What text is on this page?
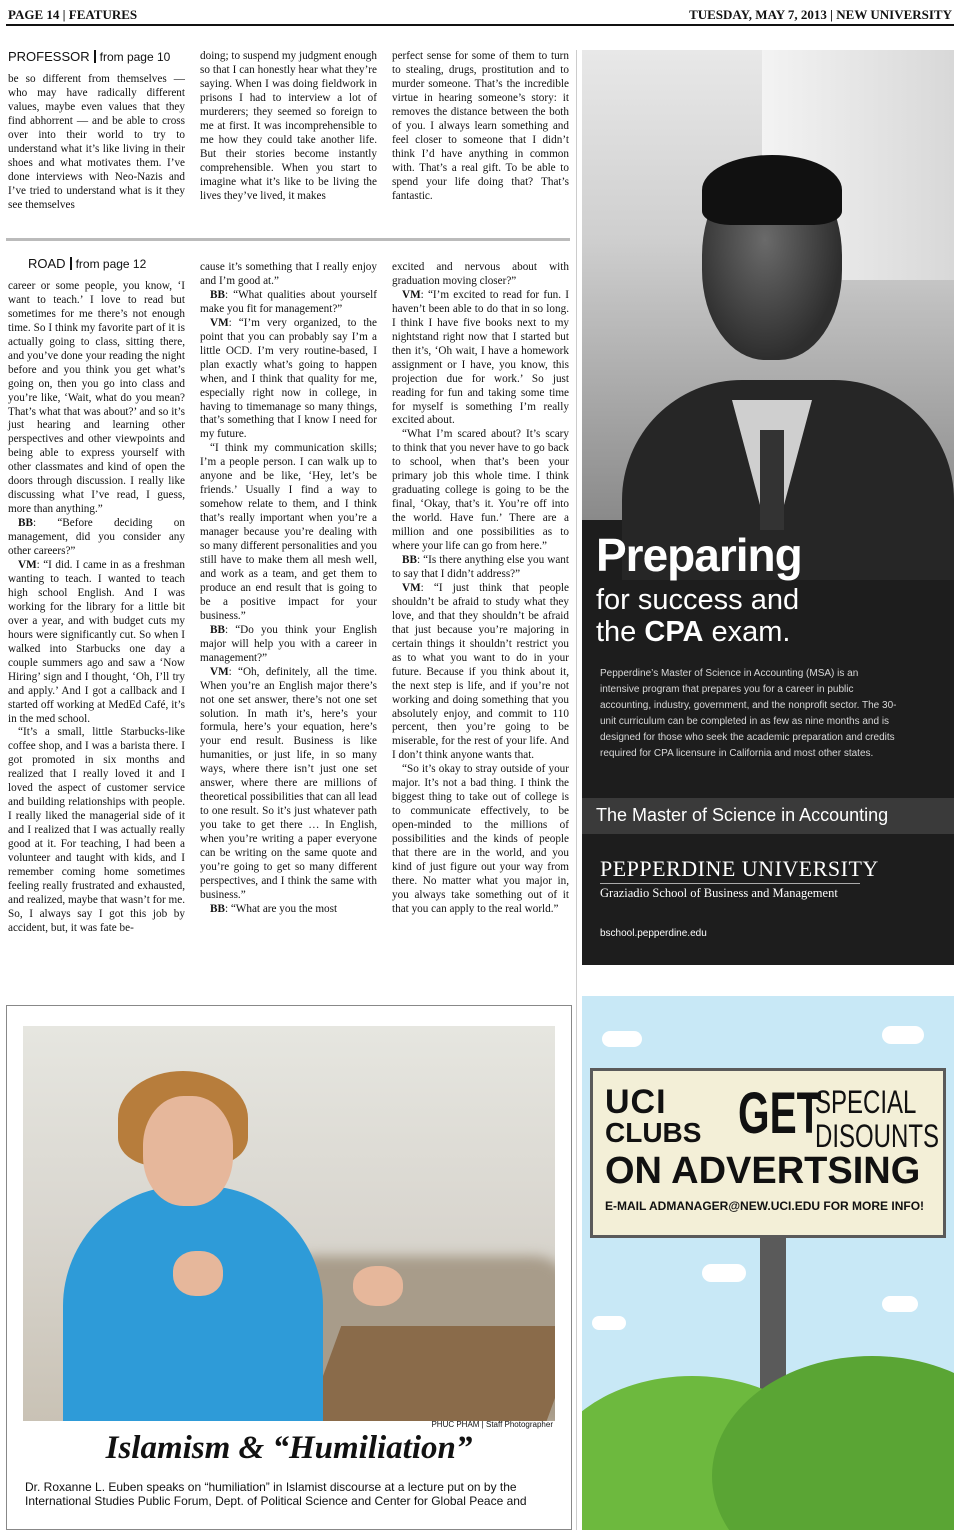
PAGE 14 | FEATURES	TUESDAY, MAY 7, 2013 | NEW UNIVERSITY
PROFESSOR from page 10

be so different from themselves — who may have radically different values, maybe even values that they find abhorrent — and be able to cross over into their world to try to understand what it’s like living in their shoes and what motivates them. I’ve done interviews with Neo-Nazis and I’ve tried to understand what is it they see themselves

doing; to suspend my judgment enough so that I can honestly hear what they’re saying. When I was doing fieldwork in prisons I had to interview a lot of murderers; they seemed so foreign to me at first. It was incomprehensible to me how they could take another life. But their stories become instantly comprehensible. When you start to imagine what it’s like to be living the lives they’ve lived, it makes

perfect sense for some of them to turn to stealing, drugs, prostitution and to murder someone. That’s the incredible virtue in hearing someone’s story: it removes the distance between the both of you. I always learn something and feel closer to someone that I didn’t think I’d have anything in common with. That’s a real gift. To be able to spend your life doing that? That’s fantastic.

ROAD from page 12

career or some people, you know, ‘I want to teach.’ I love to read but sometimes for me there’s not enough time. So I think my favorite part of it is actually going to class, sitting there, and you’ve done your reading the night before and you think you get what’s going on, then you go into class and you’re like, ‘Wait, what do you mean? That’s what that was about?’ and so it’s just hearing and learning other perspectives and other viewpoints and being able to express yourself with other classmates and kind of open the doors through discussion. I really like discussing what I’ve read, I guess, more than anything.”

BB: “Before deciding on management, did you consider any other careers?”

VM: “I did. I came in as a freshman wanting to teach. I wanted to teach high school English. And I was working for the library for a little bit over a year, and with budget cuts my hours were significantly cut. So when I walked into Starbucks one day a couple summers ago and saw a ‘Now Hiring’ sign and I thought, ‘Oh, I’ll try and apply.’ And I got a callback and I started off working at MedEd Café, it’s in the med school.

“It’s a small, little Starbucks-like coffee shop, and I was a barista there. I got promoted in six months and realized that I really loved it and I loved the aspect of customer service and building relationships with people. I really liked the managerial side of it and I realized that I was actually really good at it. For teaching, I had been a volunteer and taught with kids, and I remember coming home sometimes feeling really frustrated and exhausted, and realized, maybe that wasn’t for me. So, I always say I got this job by accident, but, it was fate be-

cause it’s something that I really enjoy and I’m good at.”

BB: “What qualities about yourself make you fit for management?”

VM: “I’m very organized, to the point that you can probably say I’m a little OCD. I’m very routine-based, I plan exactly what’s going to happen when, and I think that quality for me, especially right now in college, in having to timemanage so many things, that’s something that I know I need for my future.

“I think my communication skills; I’m a people person. I can walk up to anyone and be like, ‘Hey, let’s be friends.’ Usually I find a way to somehow relate to them, and I think that’s really important when you’re a manager because you’re dealing with so many different personalities and you still have to make them all mesh well, and work as a team, and get them to produce an end result that is going to be a positive impact for your business.”

BB: “Do you think your English major will help you with a career in management?”

VM: “Oh, definitely, all the time. When you’re an English major there’s not one set answer, there’s not one set solution. In math it’s, here’s your formula, here’s your equation, here’s your end result. Business is like humanities, or just life, in so many ways, where there isn’t just one set answer, where there are millions of theoretical possibilities that can all lead to one result. So it’s just whatever path you take to get there … In English, when you’re writing a paper everyone can be writing on the same quote and you’re going to get so many different perspectives, and I think the same with business.”

BB: “What are you the most

excited and nervous about with graduation moving closer?”

VM: “I’m excited to read for fun. I haven’t been able to do that in so long. I think I have five books next to my nightstand right now that I started but then it’s, ‘Oh wait, I have a homework assignment or I have, you know, this projection due for work.’ So just reading for fun and taking some time for myself is something I’m really excited about.

“What I’m scared about? It’s scary to think that you never have to go back to school, when that’s been your primary job this whole time. I think graduating college is going to be the final, ‘Okay, that’s it. You’re off into the world. Have fun.’ There are a million and one possibilities as to where your life can go from here.”

BB: “Is there anything else you want to say that I didn’t address?”

VM: “I just think that people shouldn’t be afraid to study what they love, and that they shouldn’t be afraid that just because you’re majoring in certain things it shouldn’t restrict you as to what you want to do in your future. Because if you think about it, the next step is life, and if you’re not working and doing something that you absolutely enjoy, and commit to 110 percent, then you’re going to be miserable, for the rest of your life. And I don’t think anyone wants that.

“So it’s okay to stray outside of your major. It’s not a bad thing. I think the biggest thing to take out of college is to communicate effectively, to be open-minded to the millions of possibilities and the kinds of people that there are in the world, and you kind of just figure out your way from there. No matter what you major in, you always take something out of it that you can apply to the real world.”

Preparing
for success and
the CPA exam.
Pepperdine’s Master of Science in Accounting (MSA) is an intensive program that prepares you for a career in public accounting, industry, government, and the nonprofit sector. The 30-unit curriculum can be completed in as few as nine months and is designed for those who seek the academic preparation and credits required for CPA licensure in California and most other states.
The Master of Science in Accounting
PEPPERDINE UNIVERSITY
Graziadio School of Business and Management
bschool.pepperdine.edu
UCI
CLUBS GET
SPECIAL
DISOUNTS
ON ADVERTSING
E-MAIL ADMANAGER@NEW.UCI.EDU FOR MORE INFO!
PHUC PHAM | Staff Photographer
Islamism & “Humiliation”
Dr. Roxanne L. Euben speaks on “humiliation” in Islamist discourse at a lecture put on by the International Studies Public Forum, Dept. of Political Science and Center for Global Peace and
